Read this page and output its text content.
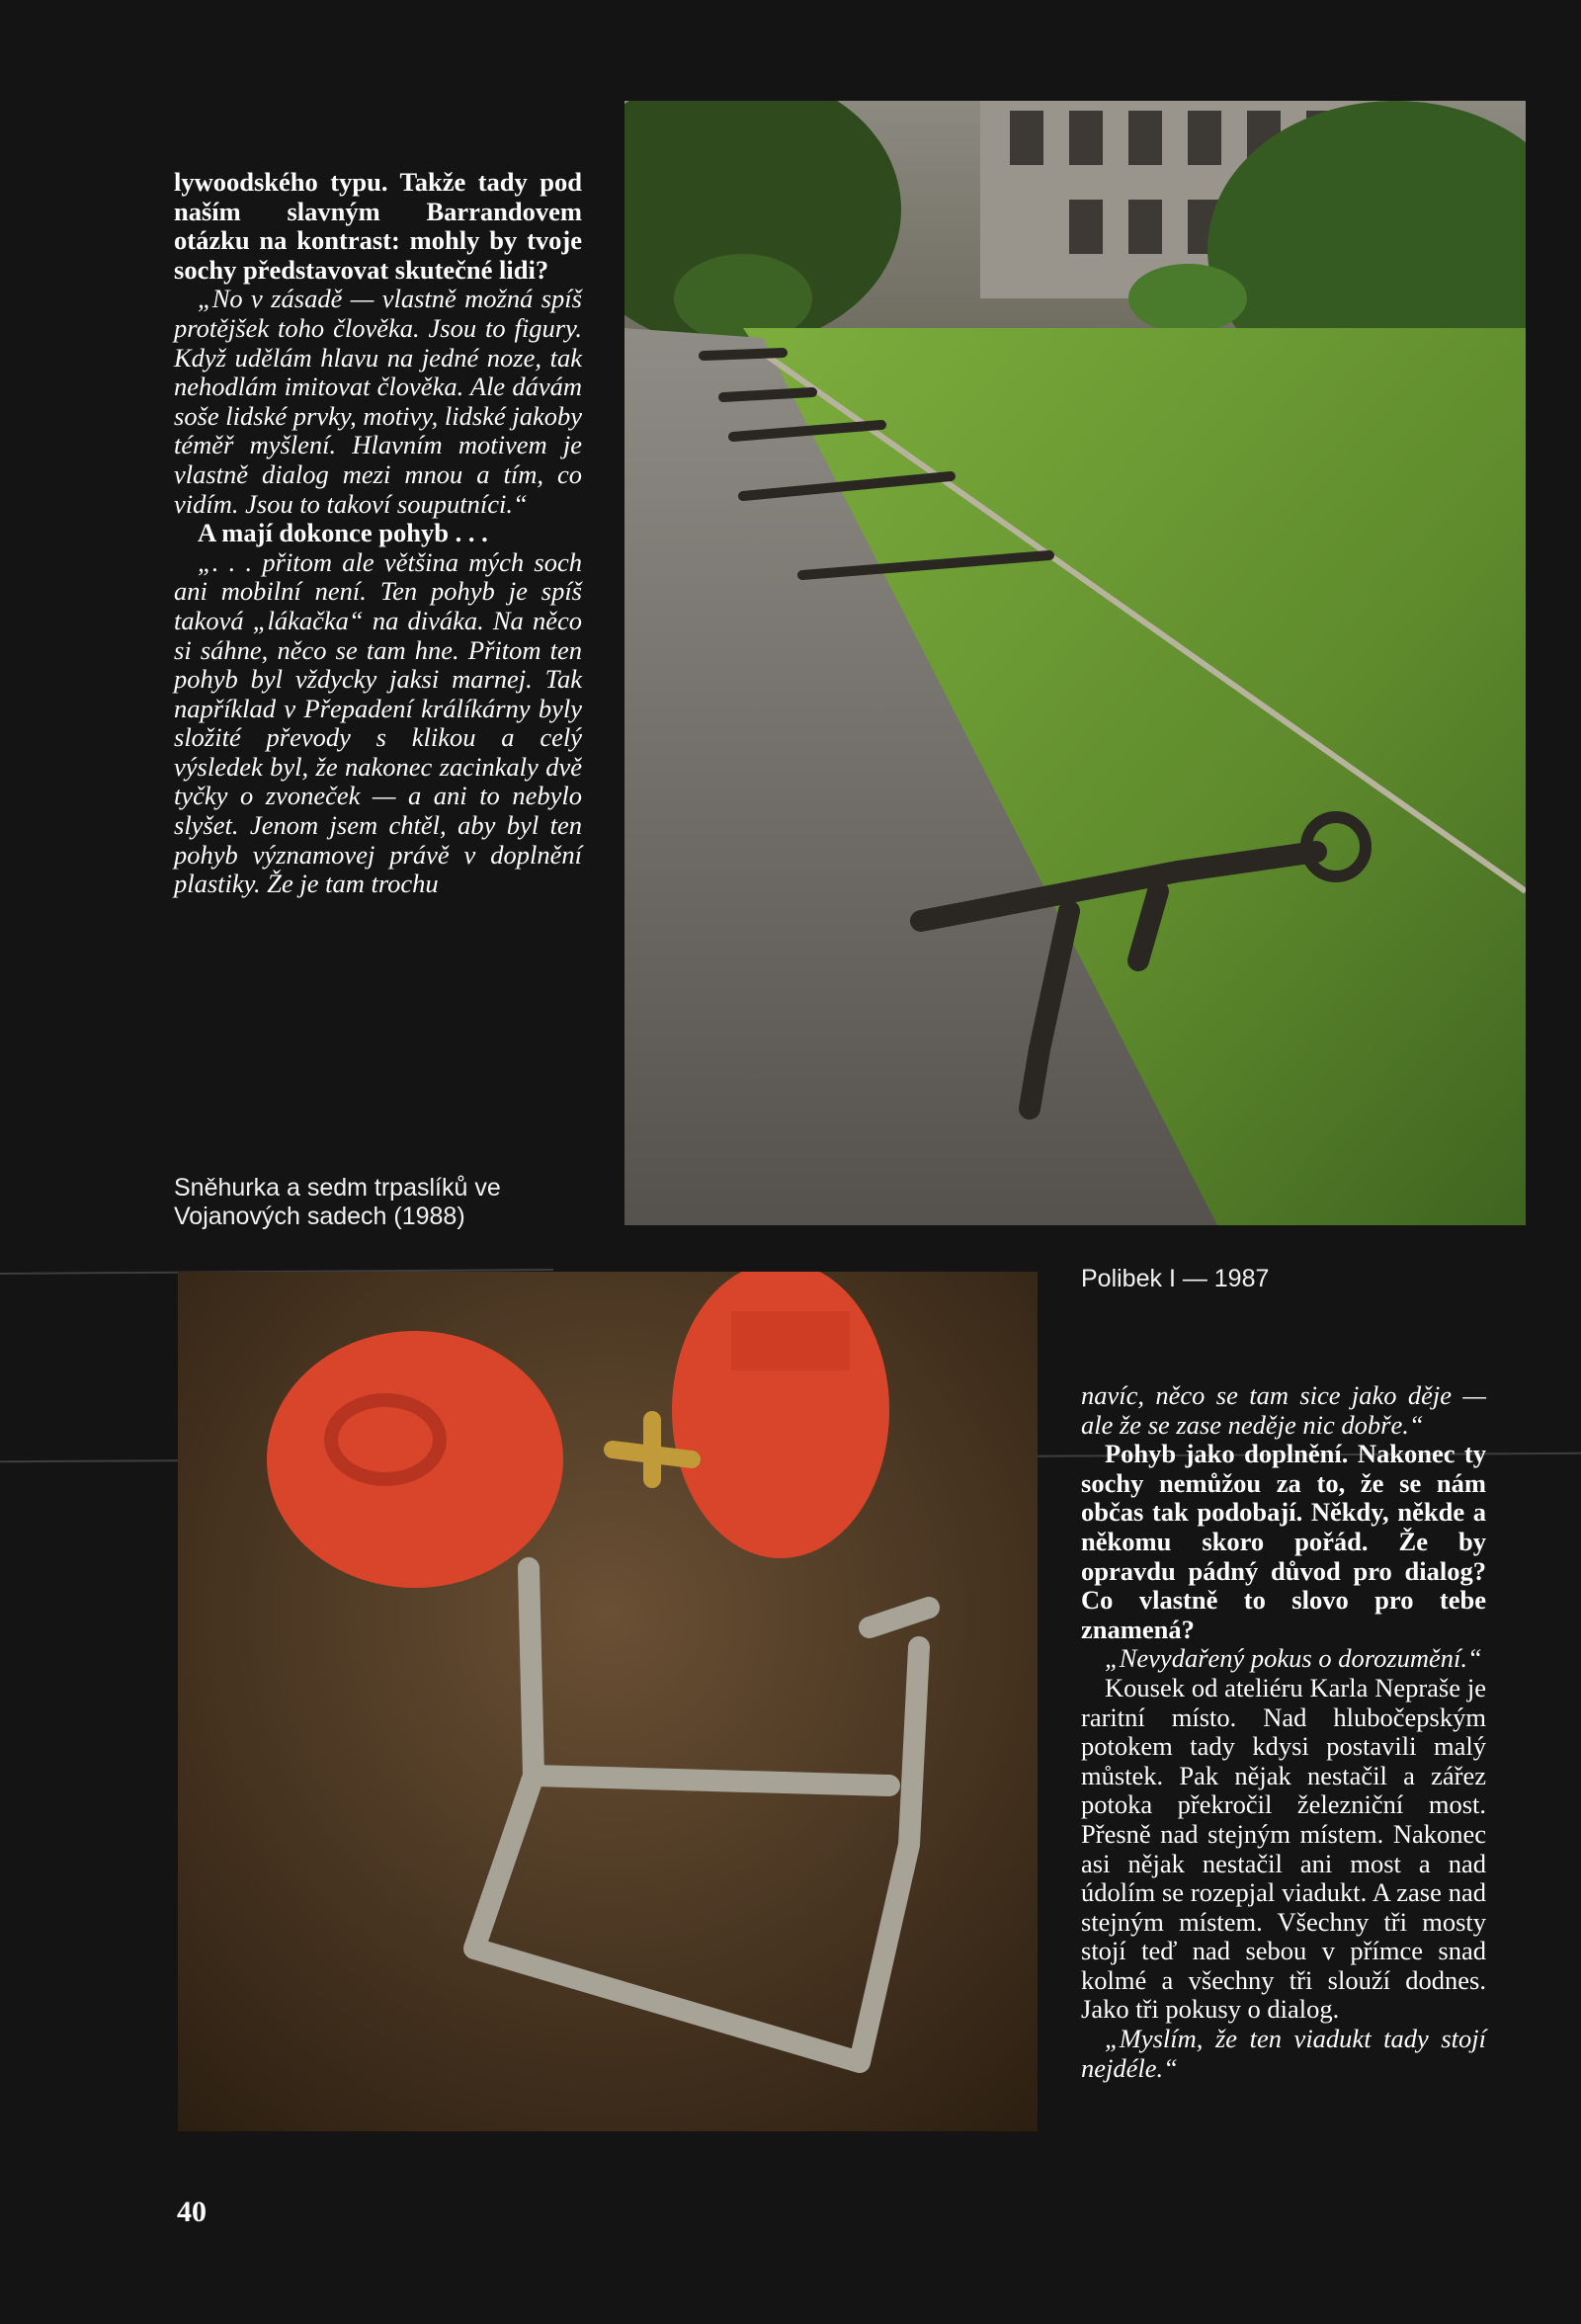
lywoodského typu. Takže tady pod naším slavným Barrandovem otázku na kontrast: mohly by tvoje sochy představovat skutečné lidi?

„No v zásadě — vlastně možná spíš protějšek toho člověka. Jsou to figury. Když udělám hlavu na jedné noze, tak nehodlám imitovat člověka. Ale dávám soše lidské prvky, motivy, lidské jakoby téměř myšlení. Hlavním motivem je vlastně dialog mezi mnou a tím, co vidím. Jsou to takoví souputníci.“

A mají dokonce pohyb . . .

„. . . přitom ale většina mých soch ani mobilní není. Ten pohyb je spíš taková „lákačka“ na diváka. Na něco si sáhne, něco se tam hne. Přitom ten pohyb byl vždycky jaksi marnej. Tak například v Přepadení králíkárny byly složité převody s klikou a celý výsledek byl, že nakonec zacinkaly dvě tyčky o zvoneček — a ani to nebylo slyšet. Jenom jsem chtěl, aby byl ten pohyb významovej právě v doplnění plastiky. Že je tam trochu

Sněhurka a sedm trpaslíků ve Vojanových sadech (1988)
Polibek I — 1987

navíc, něco se tam sice jako děje — ale že se zase neděje nic dobře.“

Pohyb jako doplnění. Nakonec ty sochy nemůžou za to, že se nám občas tak podobají. Někdy, někde a někomu skoro pořád. Že by opravdu pádný důvod pro dialog? Co vlastně to slovo pro tebe znamená?

„Nevydařený pokus o dorozumění.“

Kousek od ateliéru Karla Nepraše je raritní místo. Nad hlubočepským potokem tady kdysi postavili malý můstek. Pak nějak nestačil a zářez potoka překročil železniční most. Přesně nad stejným místem. Nakonec asi nějak nestačil ani most a nad údolím se rozepjal viadukt. A zase nad stejným místem. Všechny tři mosty stojí teď nad sebou v přímce snad kolmé a všechny tři slouží dodnes. Jako tři pokusy o dialog.

„Myslím, že ten viadukt tady stojí nejdéle.“

40
